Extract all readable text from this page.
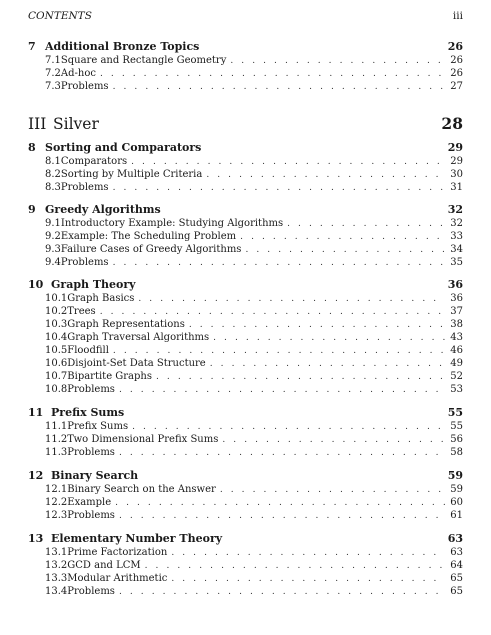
CONTENTS	iii
7 Additional Bronze Topics	26
7.1 Square and Rectangle Geometry . . .	26
7.2 Ad-hoc . . .	26
7.3 Problems . . .	27
III Silver	28
8 Sorting and Comparators	29
8.1 Comparators . . .	29
8.2 Sorting by Multiple Criteria . . .	30
8.3 Problems . . .	31
9 Greedy Algorithms	32
9.1 Introductory Example: Studying Algorithms . . .	32
9.2 Example: The Scheduling Problem . . .	33
9.3 Failure Cases of Greedy Algorithms . . .	34
9.4 Problems . . .	35
10 Graph Theory	36
10.1 Graph Basics . . .	36
10.2 Trees . . .	37
10.3 Graph Representations . . .	38
10.4 Graph Traversal Algorithms . . .	43
10.5 Floodfill . . .	46
10.6 Disjoint-Set Data Structure . . .	49
10.7 Bipartite Graphs . . .	52
10.8 Problems . . .	53
11 Prefix Sums	55
11.1 Prefix Sums . . .	55
11.2 Two Dimensional Prefix Sums . . .	56
11.3 Problems . . .	58
12 Binary Search	59
12.1 Binary Search on the Answer . . .	59
12.2 Example . . .	60
12.3 Problems . . .	61
13 Elementary Number Theory	63
13.1 Prime Factorization . . .	63
13.2 GCD and LCM . . .	64
13.3 Modular Arithmetic . . .	65
13.4 Problems . . .	65
